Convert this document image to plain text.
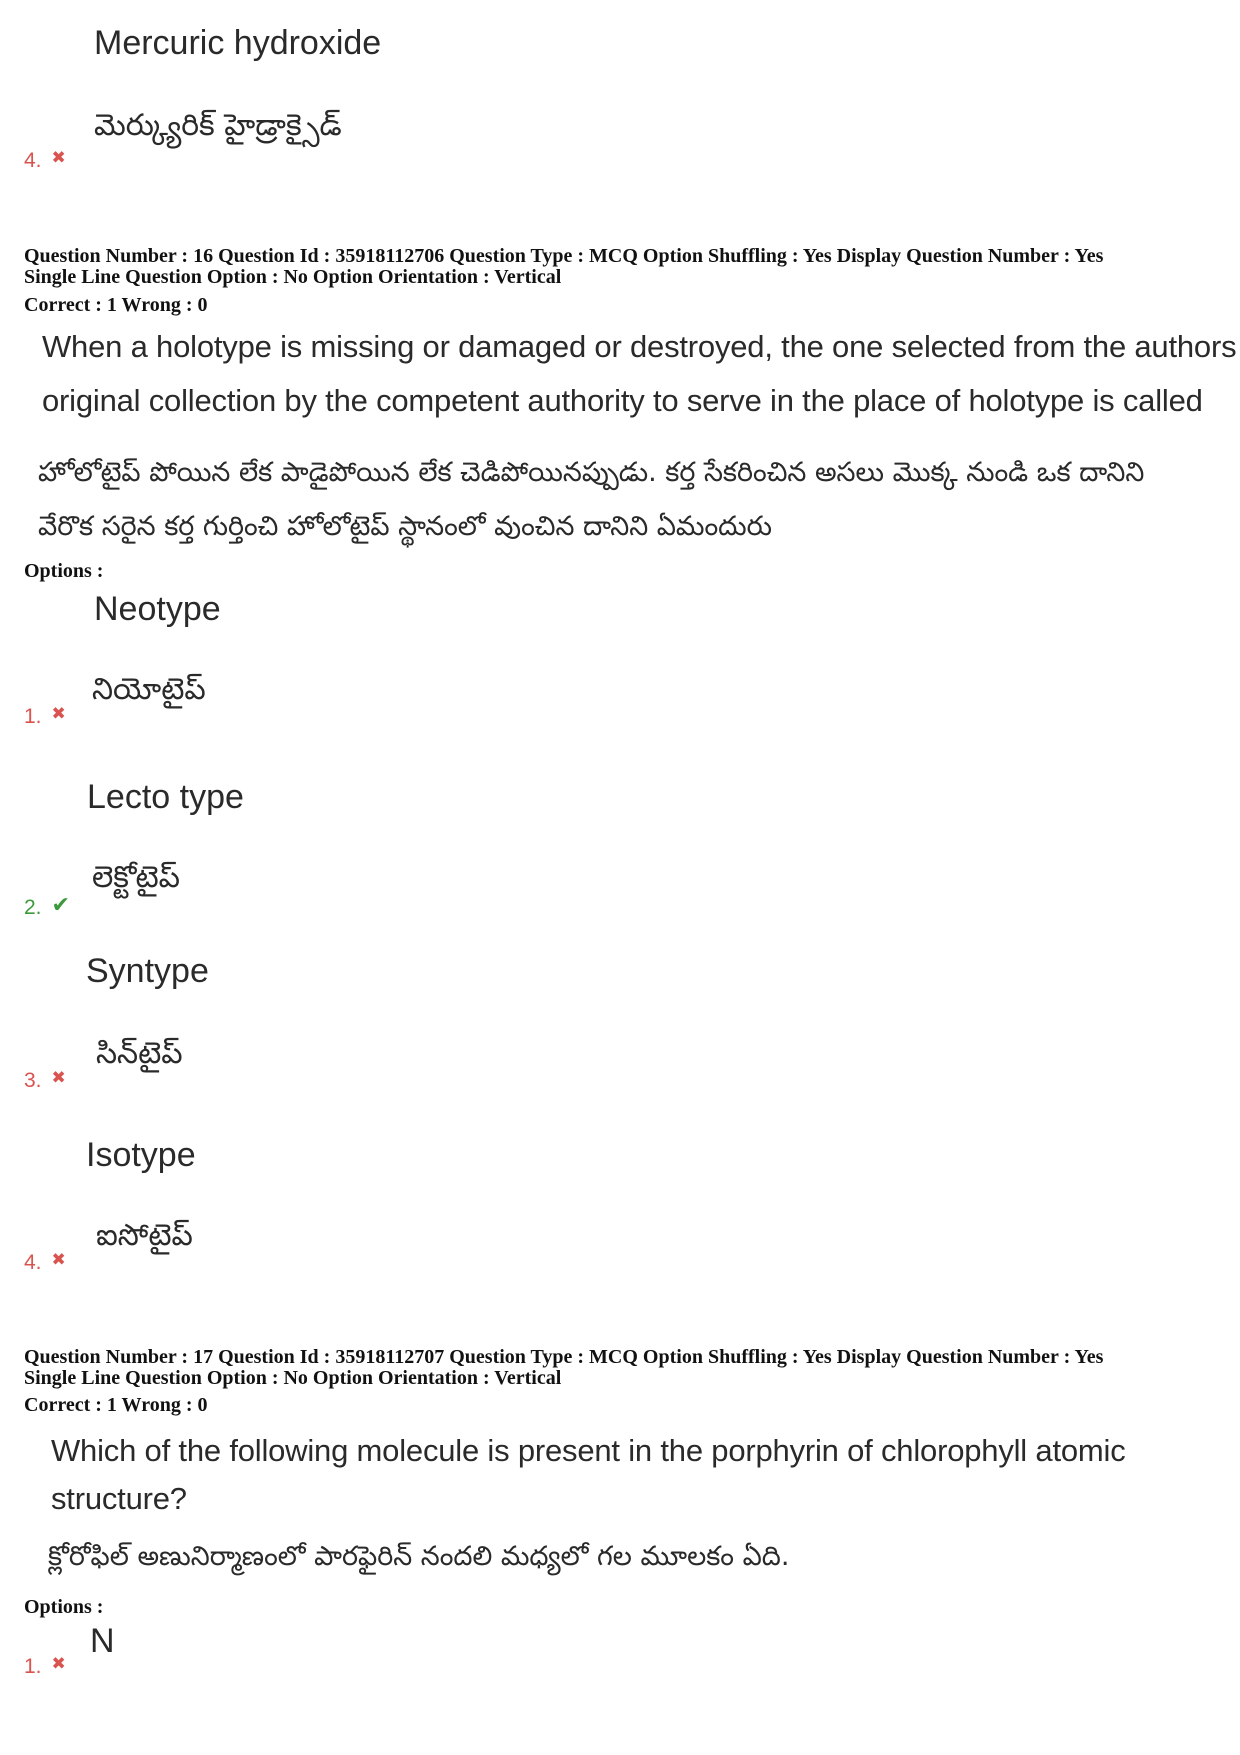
Mercuric hydroxide
మెర్క్యురిక్ హైడ్రాక్సైడ్
4. ✖
Question Number : 16 Question Id : 35918112706 Question Type : MCQ Option Shuffling : Yes Display Question Number : Yes
Single Line Question Option : No Option Orientation : Vertical
Correct : 1 Wrong : 0
When a holotype is missing or damaged or destroyed, the one selected from the authors
original collection by the competent authority to serve in the place of holotype is called
హోలోటైప్ పోయిన లేక పాడైపోయిన లేక చెడిపోయినప్పుడు. కర్త సేకరించిన అసలు మొక్క నుండి ఒక దానిని
వేరొక సరైన కర్త గుర్తించి హోలోటైప్ స్థానంలో వుంచిన దానిని ఏమందురు
Options :
Neotype
నియోటైప్
1. ✖
Lecto type
లెక్టోటైప్
2. ✔
Syntype
సిన్‌టైప్
3. ✖
Isotype
ఐసోటైప్
4. ✖
Question Number : 17 Question Id : 35918112707 Question Type : MCQ Option Shuffling : Yes Display Question Number : Yes
Single Line Question Option : No Option Orientation : Vertical
Correct : 1 Wrong : 0
Which of the following molecule is present in the porphyrin of chlorophyll atomic
structure?
క్లోరోఫిల్ అణునిర్మాణంలో పారఫైరిన్ నందలి మధ్యలో గల మూలకం ఏది.
Options :
N
1. ✖
